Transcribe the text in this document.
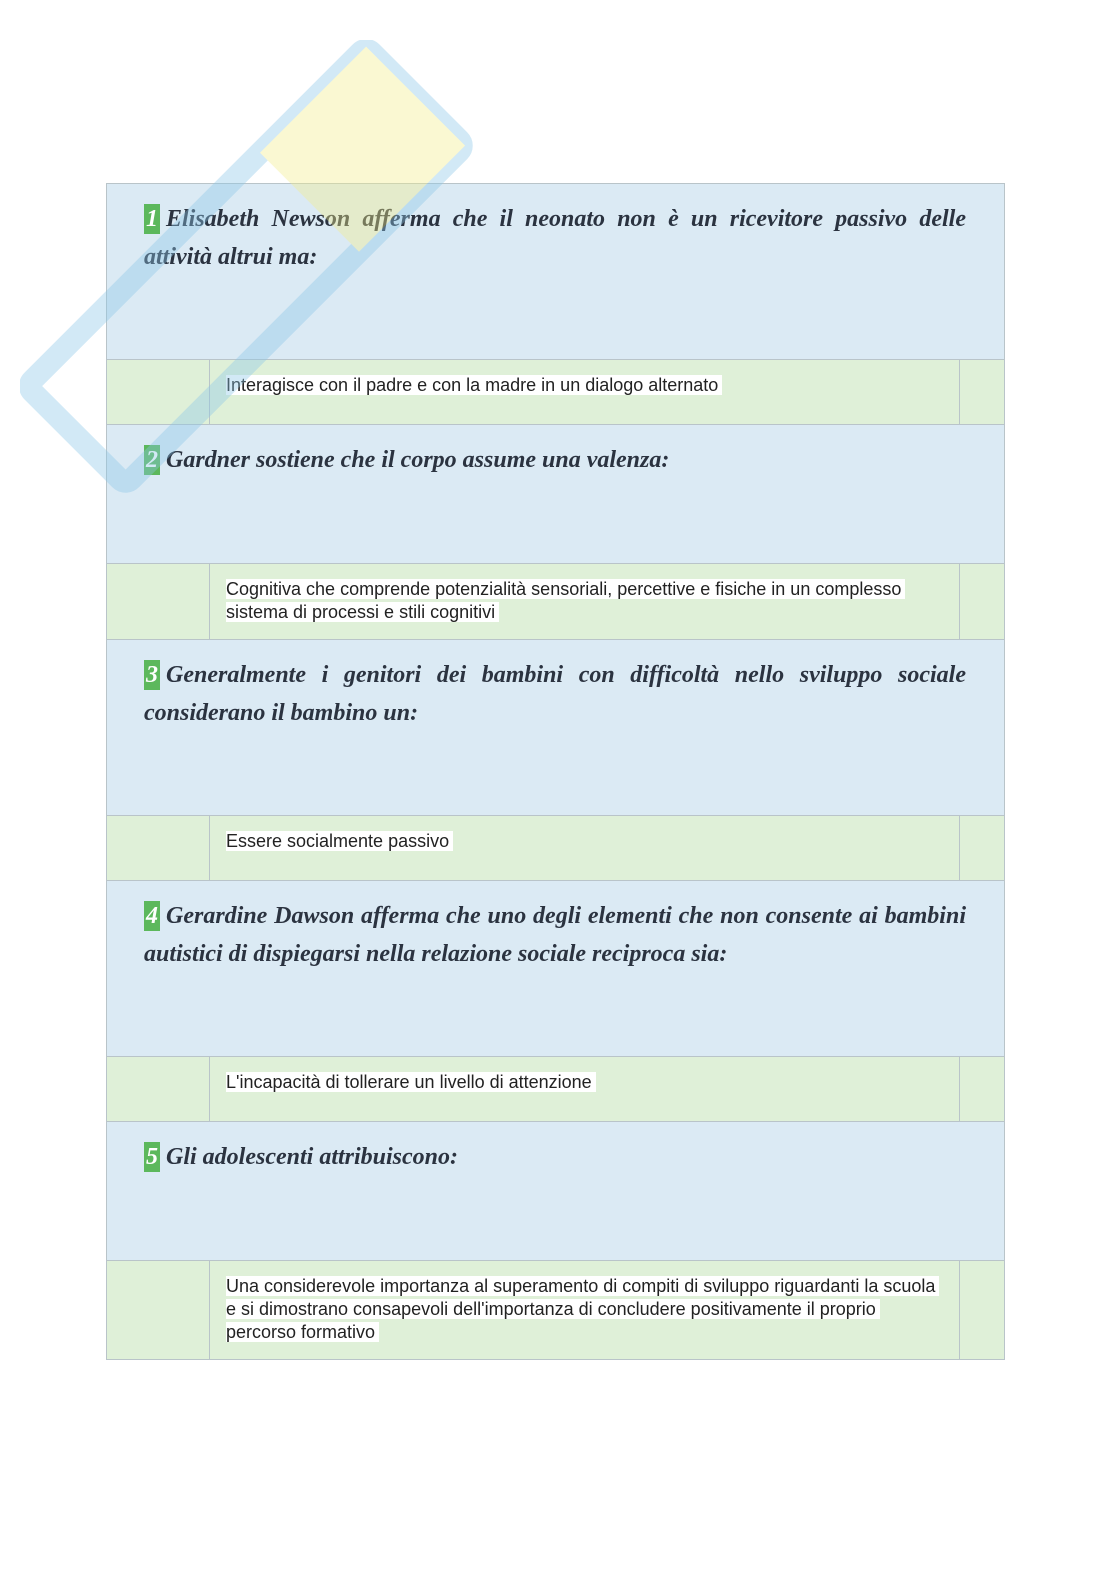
1 Elisabeth Newson afferma che il neonato non è un ricevitore passivo delle attività altrui ma:

Interagisce con il padre e con la madre in un dialogo alternato

2 Gardner sostiene che il corpo assume una valenza:

Cognitiva che comprende potenzialità sensoriali, percettive e fisiche in un complesso sistema di processi e stili cognitivi

3 Generalmente i genitori dei bambini con difficoltà nello sviluppo sociale considerano il bambino un:

Essere socialmente passivo

4 Gerardine Dawson afferma che uno degli elementi che non consente ai bambini autistici di dispiegarsi nella relazione sociale reciproca sia:

L'incapacità di tollerare un livello di attenzione

5 Gli adolescenti attribuiscono:

Una considerevole importanza al superamento di compiti di sviluppo riguardanti la scuola e si dimostrano consapevoli dell'importanza di concludere positivamente il proprio percorso formativo
